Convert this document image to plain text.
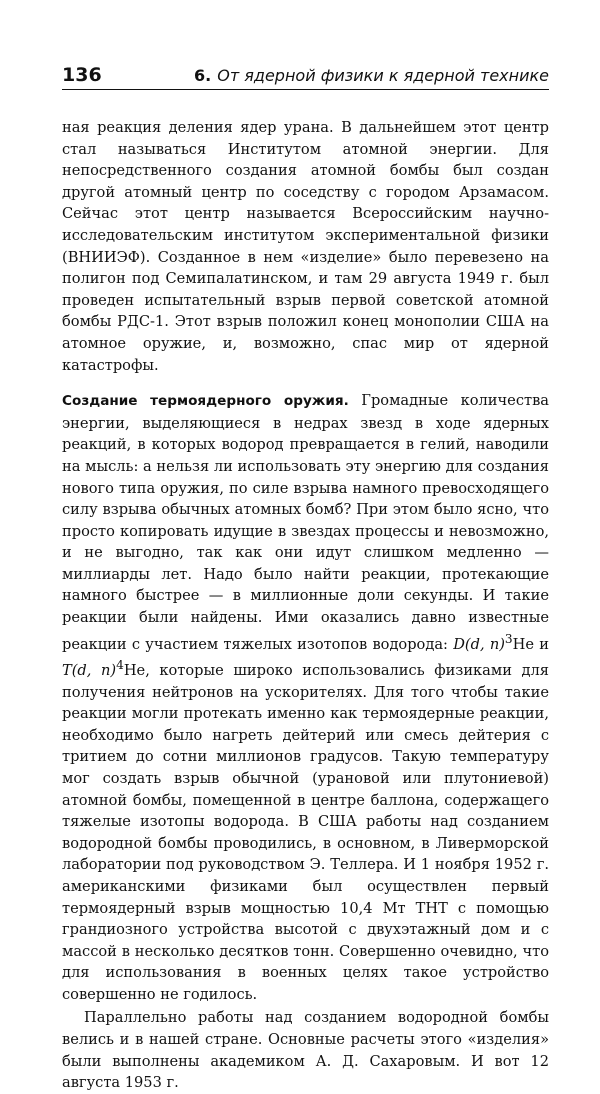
136	6. От ядерной физики к ядерной технике

ная реакция деления ядер урана. В дальнейшем этот центр стал называться Институтом атомной энергии. Для непосредственного создания атомной бомбы был создан другой атомный центр по соседству с городом Арзамасом. Сейчас этот центр называется Всероссийским научно-исследовательским институтом экспериментальной физики (ВНИИЭФ). Созданное в нем «изделие» было перевезено на полигон под Семипалатинском, и там 29 августа 1949 г. был проведен испытательный взрыв первой советской атомной бомбы РДС-1. Этот взрыв положил конец монополии США на атомное оружие, и, возможно, спас мир от ядерной катастрофы.

Создание термоядерного оружия. Громадные количества энергии, выделяющиеся в недрах звезд в ходе ядерных реакций, в которых водород превращается в гелий, наводили на мысль: а нельзя ли использовать эту энергию для создания нового типа оружия, по силе взрыва намного превосходящего силу взрыва обычных атомных бомб? При этом было ясно, что просто копировать идущие в звездах процессы и невозможно, и не выгодно, так как они идут слишком медленно — миллиарды лет. Надо было найти реакции, протекающие намного быстрее — в миллионные доли секунды. И такие реакции были найдены. Ими оказались давно известные реакции с участием тяжелых изотопов водорода: D(d, n)$^3$He и T(d, n)$^4$He, которые широко использовались физиками для получения нейтронов на ускорителях. Для того чтобы такие реакции могли протекать именно как термоядерные реакции, необходимо было нагреть дейтерий или смесь дейтерия с тритием до сотни миллионов градусов. Такую температуру мог создать взрыв обычной (урановой или плутониевой) атомной бомбы, помещенной в центре баллона, содержащего тяжелые изотопы водорода. В США работы над созданием водородной бомбы проводились, в основном, в Ливерморской лаборатории под руководством Э. Теллера. И 1 ноября 1952 г. американскими физиками был осуществлен первый термоядерный взрыв мощностью 10,4 Мт ТНТ с помощью грандиозного устройства высотой с двухэтажный дом и с массой в несколько десятков тонн. Совершенно очевидно, что для использования в военных целях такое устройство совершенно не годилось.

Параллельно работы над созданием водородной бомбы велись и в нашей стране. Основные расчеты этого «изделия» были выполнены академиком А. Д. Сахаровым. И вот 12 августа 1953 г.
